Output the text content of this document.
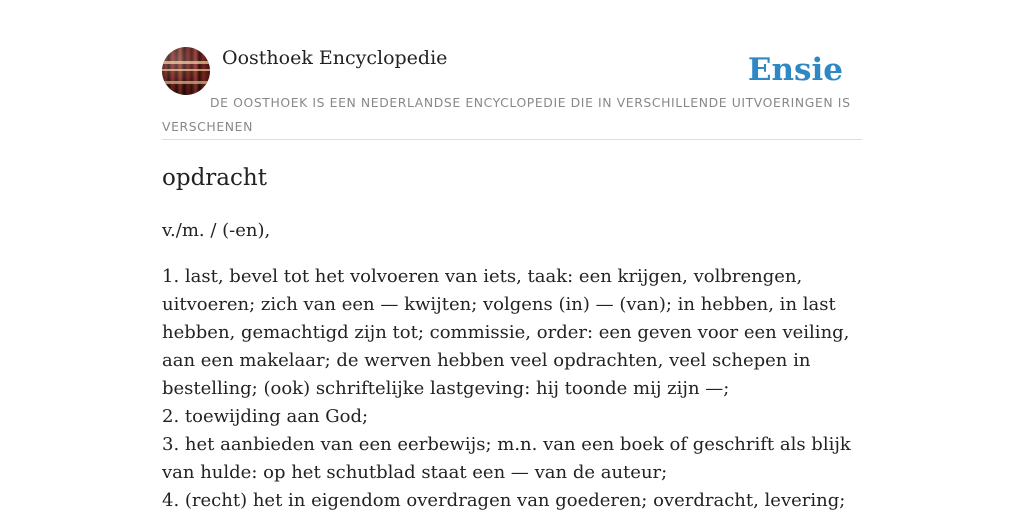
Oosthoek Encyclopedie	Ensie
DE OOSTHOEK IS EEN NEDERLANDSE ENCYCLOPEDIE DIE IN VERSCHILLENDE UITVOERINGEN IS VERSCHENEN
opdracht
v./m. / (-en),

1. last, bevel tot het volvoeren van iets, taak: een krijgen, volbrengen, uitvoeren; zich van een — kwijten; volgens (in) — (van); in hebben, in last hebben, gemachtigd zijn tot; commissie, order: een geven voor een veiling, aan een makelaar; de werven hebben veel opdrachten, veel schepen in bestelling; (ook) schriftelijke lastgeving: hij toonde mij zijn —;

2. toewijding aan God;

3. het aanbieden van een eerbewijs; m.n. van een boek of geschrift als blijk van hulde: op het schutblad staat een — van de auteur;

4. (recht) het in eigendom overdragen van goederen; overdracht, levering;
